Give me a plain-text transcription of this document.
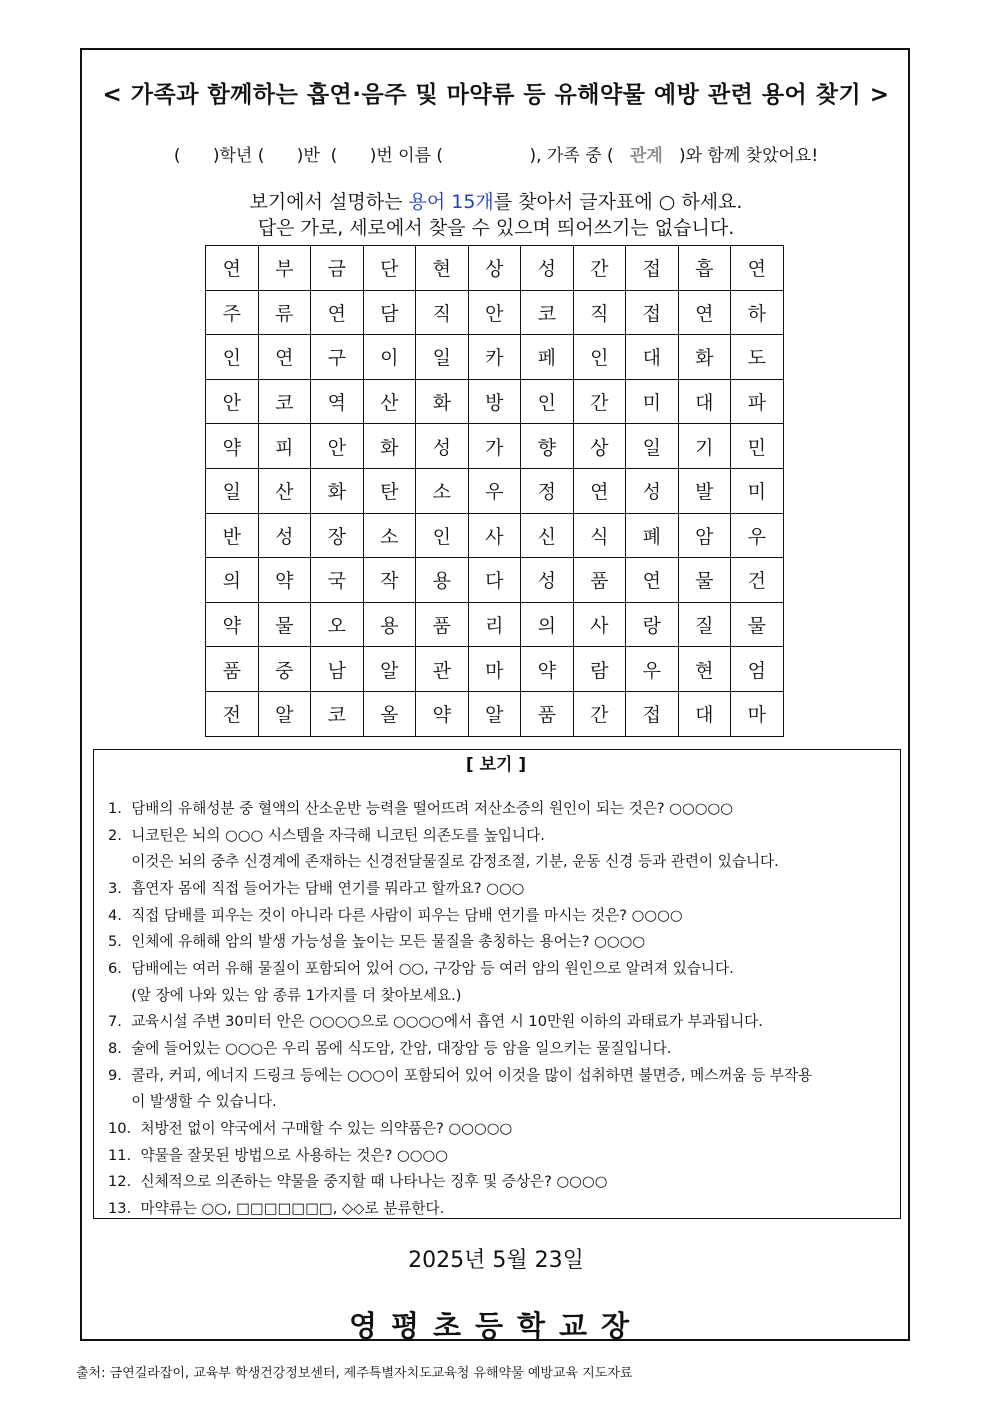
< 가족과 함께하는 흡연·음주 및 마약류 등 유해약물 예방 관련 용어 찾기 >
(      )학년 (      )반  (      )번 이름 (                ), 가족 중 (   관계   )와 함께 찾았어요!
보기에서 설명하는 용어 15개를 찾아서 글자표에 ○ 하세요.
답은 가로, 세로에서 찾을 수 있으며 띄어쓰기는 없습니다.
연	부	금	단	현	상	성	간	접	흡	연
주	류	연	담	직	안	코	직	접	연	하
인	연	구	이	일	카	페	인	대	화	도
안	코	역	산	화	방	인	간	미	대	파
약	피	안	화	성	가	향	상	일	기	민
일	산	화	탄	소	우	정	연	성	발	미
반	성	장	소	인	사	신	식	폐	암	우
의	약	국	작	용	다	성	품	연	물	건
약	물	오	용	품	리	의	사	랑	질	물
품	중	남	알	관	마	약	람	우	현	엄
전	알	코	올	약	알	품	간	접	대	마
[ 보기 ]
1.  담배의 유해성분 중 혈액의 산소운반 능력을 떨어뜨려 저산소증의 원인이 되는 것은? ○○○○○
2.  니코틴은 뇌의 ○○○ 시스템을 자극해 니코틴 의존도를 높입니다.
이것은 뇌의 중추 신경계에 존재하는 신경전달물질로 감정조절, 기분, 운동 신경 등과 관련이 있습니다.
3.  흡연자 몸에 직접 들어가는 담배 연기를 뭐라고 할까요? ○○○
4.  직접 담배를 피우는 것이 아니라 다른 사람이 피우는 담배 연기를 마시는 것은? ○○○○
5.  인체에 유해해 암의 발생 가능성을 높이는 모든 물질을 총칭하는 용어는? ○○○○
6.  담배에는 여러 유해 물질이 포함되어 있어 ○○, 구강암 등 여러 암의 원인으로 알려져 있습니다.
(앞 장에 나와 있는 암 종류 1가지를 더 찾아보세요.)
7.  교육시설 주변 30미터 안은 ○○○○으로 ○○○○에서 흡연 시 10만원 이하의 과태료가 부과됩니다.
8.  술에 들어있는 ○○○은 우리 몸에 식도암, 간암, 대장암 등 암을 일으키는 물질입니다.
9.  콜라, 커피, 에너지 드링크 등에는 ○○○이 포함되어 있어 이것을 많이 섭취하면 불면증, 메스꺼움 등 부작용
이 발생할 수 있습니다.
10.  처방전 없이 약국에서 구매할 수 있는 의약품은? ○○○○○
11.  약물을 잘못된 방법으로 사용하는 것은? ○○○○
12.  신체적으로 의존하는 약물을 중지할 때 나타나는 징후 및 증상은? ○○○○
13.  마약류는 ○○, □□□□□□□, ◇◇로 분류한다.
2025년 5월 23일
영평초등학교장
출처: 금연길라잡이, 교육부 학생건강정보센터, 제주특별자치도교육청 유해약물 예방교육 지도자료
